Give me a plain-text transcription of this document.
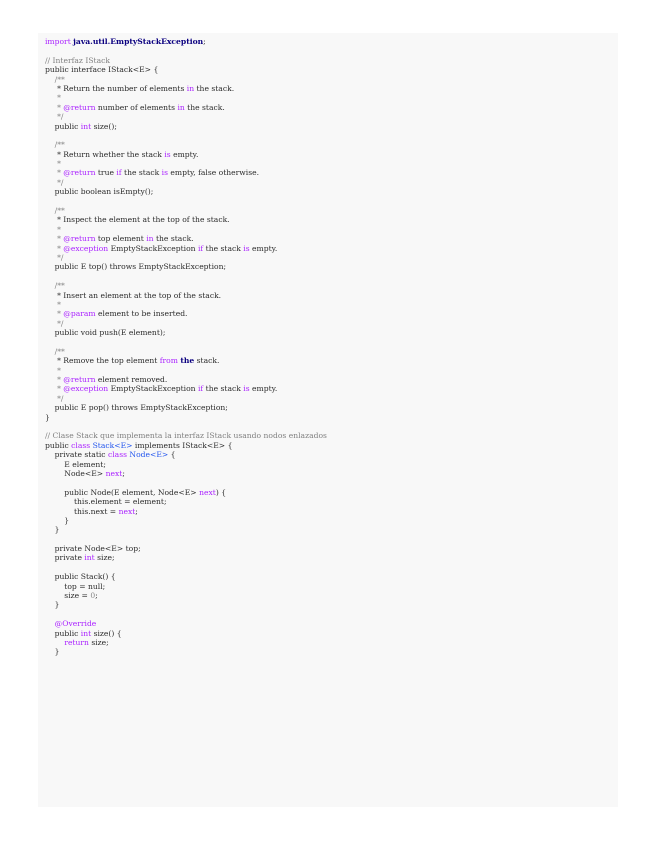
import java.util.EmptyStackException;

// Interfaz IStack
public interface IStack<E> {
/**
* Return the number of elements in the stack.
*
* @return number of elements in the stack.
*/
public int size();

/**
* Return whether the stack is empty.
*
* @return true if the stack is empty, false otherwise.
*/
public boolean isEmpty();

/**
* Inspect the element at the top of the stack.
*
* @return top element in the stack.
* @exception EmptyStackException if the stack is empty.
*/
public E top() throws EmptyStackException;

/**
* Insert an element at the top of the stack.
*
* @param element to be inserted.
*/
public void push(E element);

/**
* Remove the top element from the stack.
*
* @return element removed.
* @exception EmptyStackException if the stack is empty.
*/
public E pop() throws EmptyStackException;
}

// Clase Stack que implementa la interfaz IStack usando nodos enlazados
public class Stack<E> implements IStack<E> {
private static class Node<E> {
E element;
Node<E> next;

public Node(E element, Node<E> next) {
this.element = element;
this.next = next;
}
}

private Node<E> top;
private int size;

public Stack() {
top = null;
size = 0;
}

@Override
public int size() {
return size;
}
